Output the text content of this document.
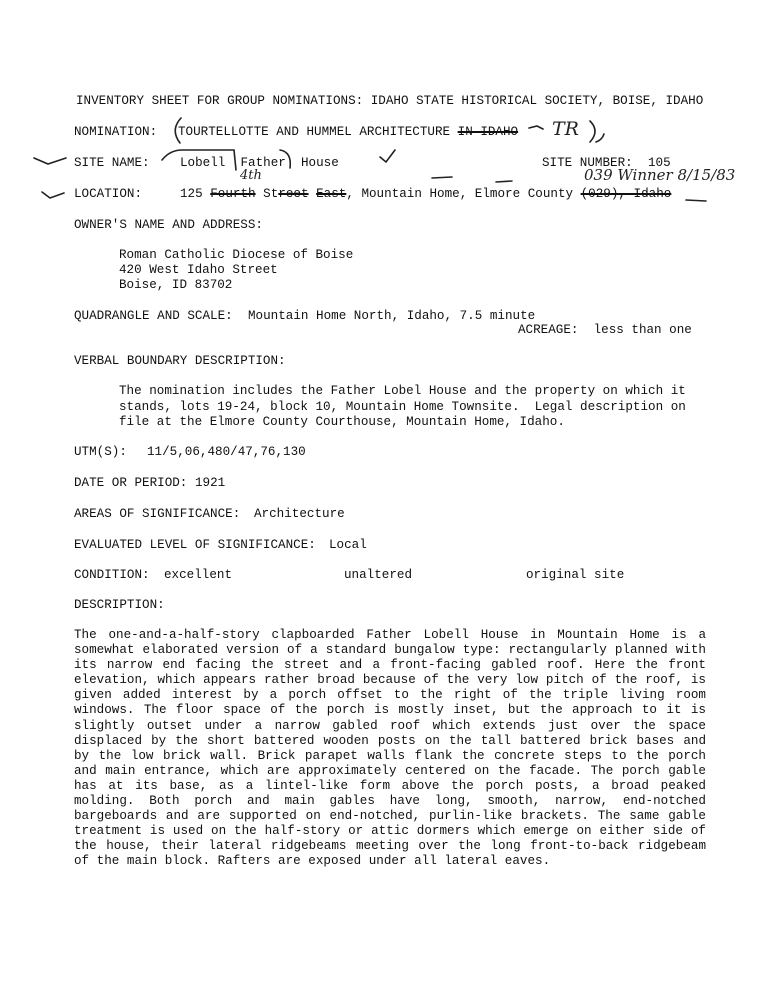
INVENTORY SHEET FOR GROUP NOMINATIONS: IDAHO STATE HISTORICAL SOCIETY, BOISE, IDAHO
NOMINATION: TOURTELLOTTE AND HUMMEL ARCHITECTURE IN IDAHO TR
SITE NAME: Lobell Father House	SITE NUMBER: 105
4th	039 Winner 8/15/83
LOCATION:	125 Fourth Street East, Mountain Home, Elmore County (029), Idaho
OWNER'S NAME AND ADDRESS:
Roman Catholic Diocese of Boise
420 West Idaho Street
Boise, ID 83702
QUADRANGLE AND SCALE: Mountain Home North, Idaho, 7.5 minute
ACREAGE: less than one
VERBAL BOUNDARY DESCRIPTION:
The nomination includes the Father Lobel House and the property on which it
stands, lots 19-24, block 10, Mountain Home Townsite.  Legal description on
file at the Elmore County Courthouse, Mountain Home, Idaho.
UTM(S): 11/5,06,480/47,76,130
DATE OR PERIOD: 1921
AREAS OF SIGNIFICANCE: Architecture
EVALUATED LEVEL OF SIGNIFICANCE: Local
CONDITION: excellent	unaltered	original site
DESCRIPTION:
The one-and-a-half-story clapboarded Father Lobell House in Mountain Home is a somewhat elaborated version of a standard bungalow type: rectangularly planned with its narrow end facing the street and a front-facing gabled roof. Here the front elevation, which appears rather broad because of the very low pitch of the roof, is given added interest by a porch offset to the right of the triple living room windows. The floor space of the porch is mostly inset, but the approach to it is slightly outset under a narrow gabled roof which extends just over the space displaced by the short battered wooden posts on the tall battered brick bases and by the low brick wall. Brick parapet walls flank the concrete steps to the porch and main entrance, which are approximately centered on the facade. The porch gable has at its base, as a lintel-like form above the porch posts, a broad peaked molding. Both porch and main gables have long, smooth, narrow, end-notched bargeboards and are supported on end-notched, purlin-like brackets. The same gable treatment is used on the half-story or attic dormers which emerge on either side of the house, their lateral ridgebeams meeting over the long front-to-back ridgebeam of the main block. Rafters are exposed under all lateral eaves.
